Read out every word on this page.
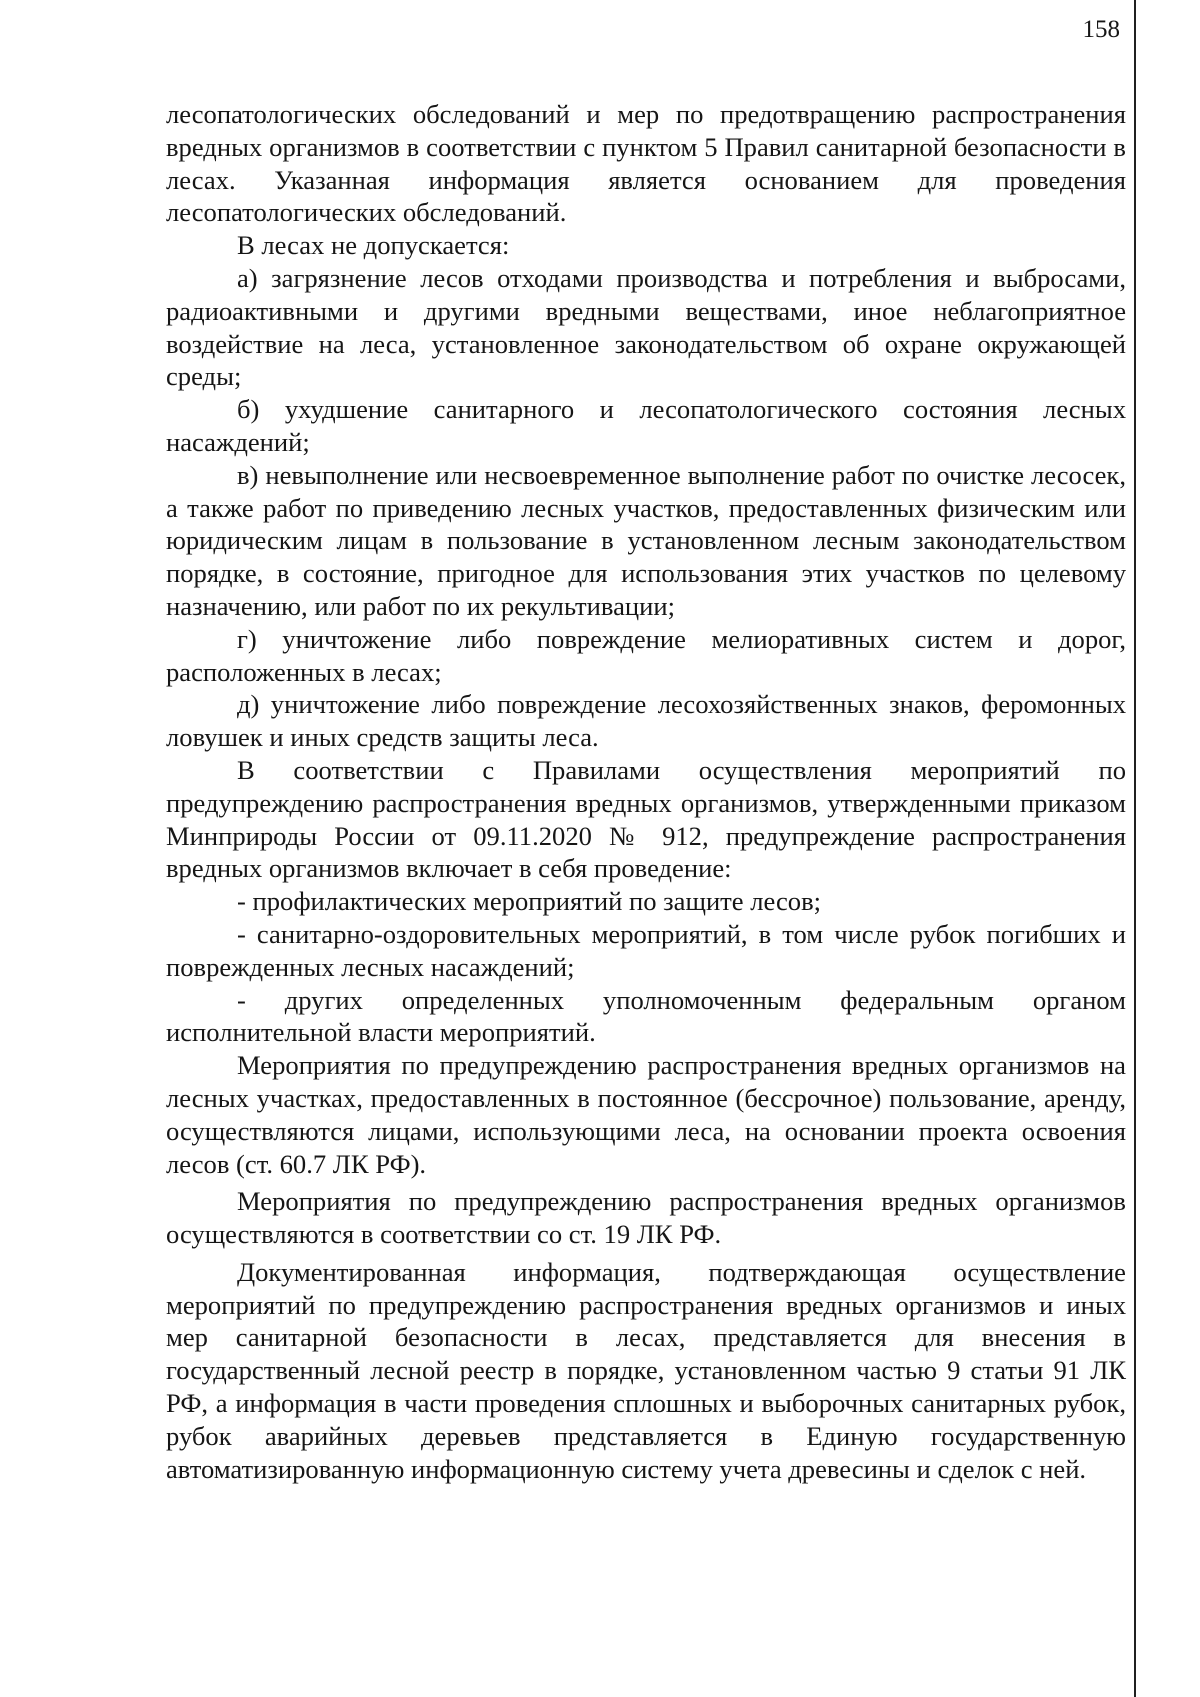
158

лесопатологических обследований и мер по предотвращению распространения вредных организмов в соответствии с пунктом 5 Правил санитарной безопасности в лесах. Указанная информация является основанием для проведения лесопатологических обследований.

В лесах не допускается:

а) загрязнение лесов отходами производства и потребления и выбросами, радиоактивными и другими вредными веществами, иное неблагоприятное воздействие на леса, установленное законодательством об охране окружающей среды;

б) ухудшение санитарного и лесопатологического состояния лесных насаждений;

в) невыполнение или несвоевременное выполнение работ по очистке лесосек, а также работ по приведению лесных участков, предоставленных физическим или юридическим лицам в пользование в установленном лесным законодательством порядке, в состояние, пригодное для использования этих участков по целевому назначению, или работ по их рекультивации;

г) уничтожение либо повреждение мелиоративных систем и дорог, расположенных в лесах;

д) уничтожение либо повреждение лесохозяйственных знаков, феромонных ловушек и иных средств защиты леса.

В соответствии с Правилами осуществления мероприятий по предупреждению распространения вредных организмов, утвержденными приказом Минприроды России от 09.11.2020 № 912, предупреждение распространения вредных организмов включает в себя проведение:

- профилактических мероприятий по защите лесов;

- санитарно-оздоровительных мероприятий, в том числе рубок погибших и поврежденных лесных насаждений;

- других определенных уполномоченным федеральным органом исполнительной власти мероприятий.

Мероприятия по предупреждению распространения вредных организмов на лесных участках, предоставленных в постоянное (бессрочное) пользование, аренду, осуществляются лицами, использующими леса, на основании проекта освоения лесов (ст. 60.7 ЛК РФ).

Мероприятия по предупреждению распространения вредных организмов осуществляются в соответствии со ст. 19 ЛК РФ.

Документированная информация, подтверждающая осуществление мероприятий по предупреждению распространения вредных организмов и иных мер санитарной безопасности в лесах, представляется для внесения в государственный лесной реестр в порядке, установленном частью 9 статьи 91 ЛК РФ, а информация в части проведения сплошных и выборочных санитарных рубок, рубок аварийных деревьев представляется в Единую государственную автоматизированную информационную систему учета древесины и сделок с ней.
